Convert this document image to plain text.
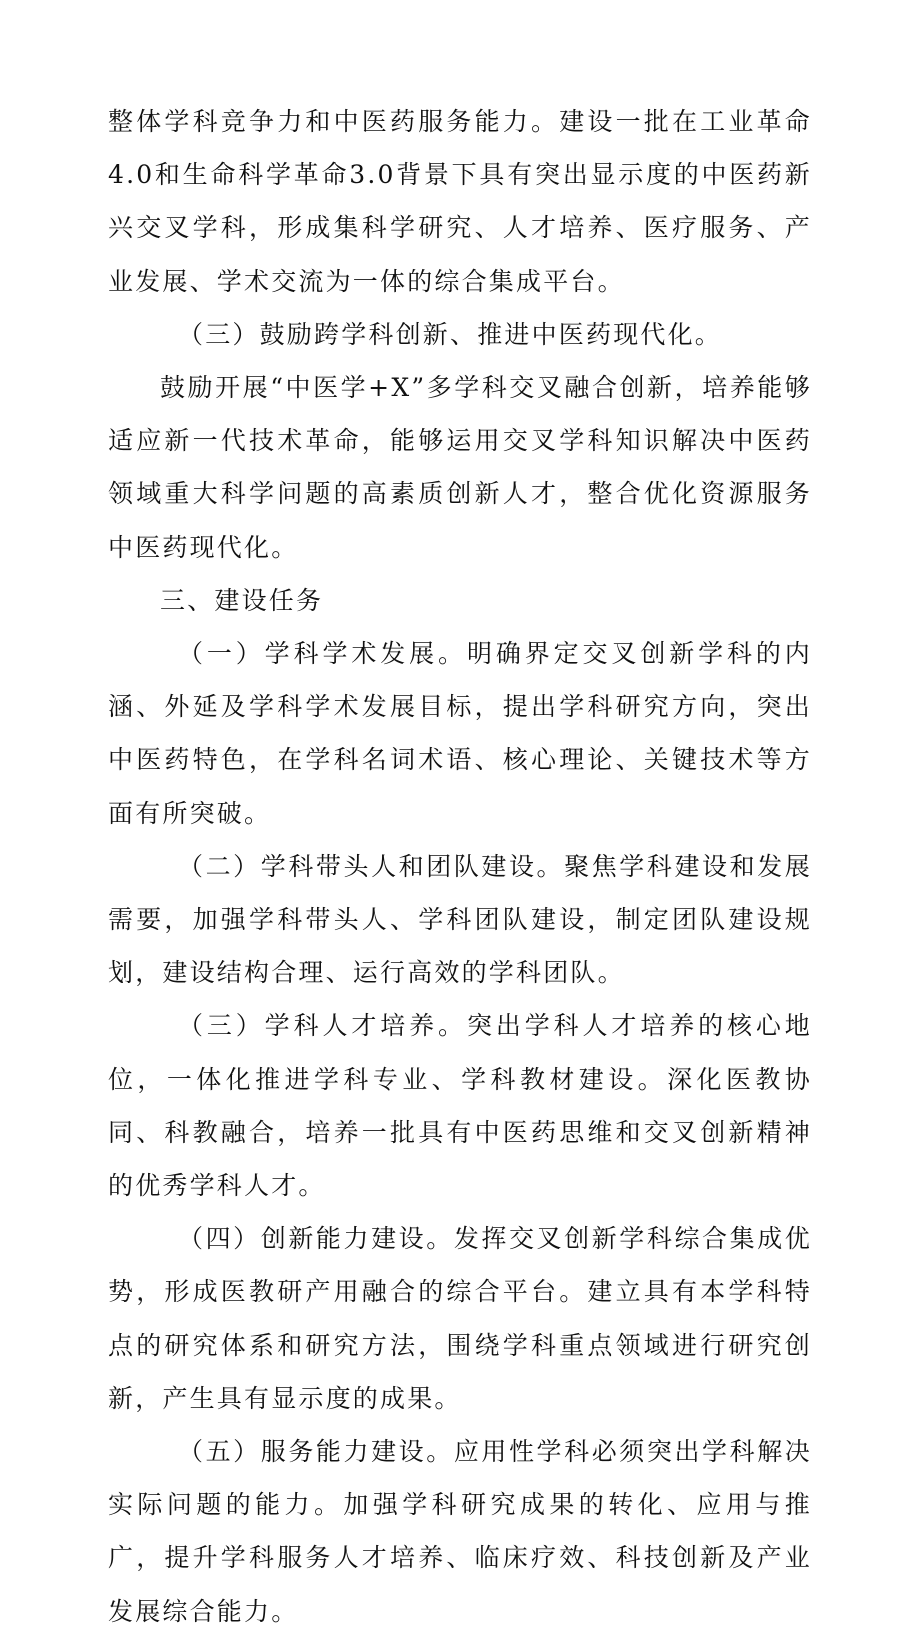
整体学科竞争力和中医药服务能力。建设一批在工业革命4.0和生命科学革命3.0背景下具有突出显示度的中医药新兴交叉学科，形成集科学研究、人才培养、医疗服务、产业发展、学术交流为一体的综合集成平台。

（三）鼓励跨学科创新、推进中医药现代化。

鼓励开展“中医学+X”多学科交叉融合创新，培养能够适应新一代技术革命，能够运用交叉学科知识解决中医药领域重大科学问题的高素质创新人才，整合优化资源服务中医药现代化。

三、建设任务

（一）学科学术发展。明确界定交叉创新学科的内涵、外延及学科学术发展目标，提出学科研究方向，突出中医药特色，在学科名词术语、核心理论、关键技术等方面有所突破。

（二）学科带头人和团队建设。聚焦学科建设和发展需要，加强学科带头人、学科团队建设，制定团队建设规划，建设结构合理、运行高效的学科团队。

（三）学科人才培养。突出学科人才培养的核心地位，一体化推进学科专业、学科教材建设。深化医教协同、科教融合，培养一批具有中医药思维和交叉创新精神的优秀学科人才。

（四）创新能力建设。发挥交叉创新学科综合集成优势，形成医教研产用融合的综合平台。建立具有本学科特点的研究体系和研究方法，围绕学科重点领域进行研究创新，产生具有显示度的成果。

（五）服务能力建设。应用性学科必须突出学科解决实际问题的能力。加强学科研究成果的转化、应用与推广，提升学科服务人才培养、临床疗效、科技创新及产业发展综合能力。
